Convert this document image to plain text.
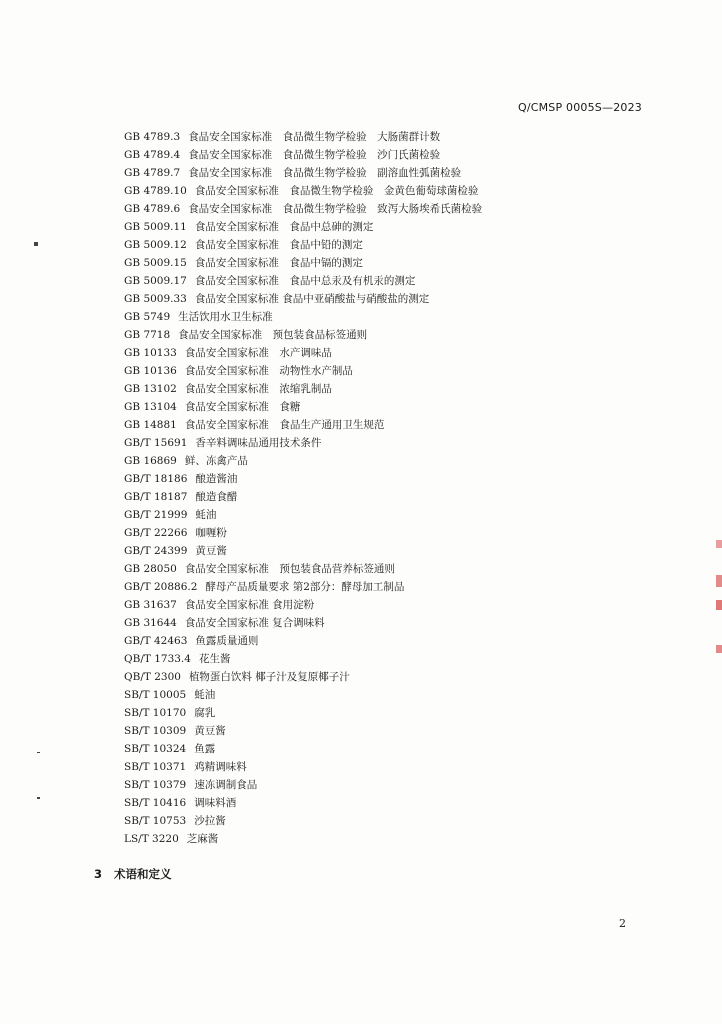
Q/CMSP 0005S—2023
GB 4789.3 食品安全国家标准　食品微生物学检验　大肠菌群计数
GB 4789.4 食品安全国家标准　食品微生物学检验　沙门氏菌检验
GB 4789.7 食品安全国家标准　食品微生物学检验　副溶血性弧菌检验
GB 4789.10 食品安全国家标准　食品微生物学检验　金黄色葡萄球菌检验
GB 4789.6 食品安全国家标准　食品微生物学检验　致泻大肠埃希氏菌检验
GB 5009.11 食品安全国家标准　食品中总砷的测定
GB 5009.12 食品安全国家标准　食品中铅的测定
GB 5009.15 食品安全国家标准　食品中镉的测定
GB 5009.17 食品安全国家标准　食品中总汞及有机汞的测定
GB 5009.33 食品安全国家标准 食品中亚硝酸盐与硝酸盐的测定
GB 5749 生活饮用水卫生标准
GB 7718 食品安全国家标准　预包装食品标签通则
GB 10133 食品安全国家标准　水产调味品
GB 10136 食品安全国家标准　动物性水产制品
GB 13102 食品安全国家标准　浓缩乳制品
GB 13104 食品安全国家标准　食糖
GB 14881 食品安全国家标准　食品生产通用卫生规范
GB/T 15691 香辛料调味品通用技术条件
GB 16869 鲜、冻禽产品
GB/T 18186 酿造酱油
GB/T 18187 酿造食醋
GB/T 21999 蚝油
GB/T 22266 咖喱粉
GB/T 24399 黄豆酱
GB 28050 食品安全国家标准　预包装食品营养标签通则
GB/T 20886.2 酵母产品质量要求 第2部分：酵母加工制品
GB 31637 食品安全国家标准 食用淀粉
GB 31644 食品安全国家标准 复合调味料
GB/T 42463 鱼露质量通则
QB/T 1733.4 花生酱
QB/T 2300 植物蛋白饮料 椰子汁及复原椰子汁
SB/T 10005 蚝油
SB/T 10170 腐乳
SB/T 10309 黄豆酱
SB/T 10324 鱼露
SB/T 10371 鸡精调味料
SB/T 10379 速冻调制食品
SB/T 10416 调味料酒
SB/T 10753 沙拉酱
LS/T 3220 芝麻酱
3 术语和定义
2
